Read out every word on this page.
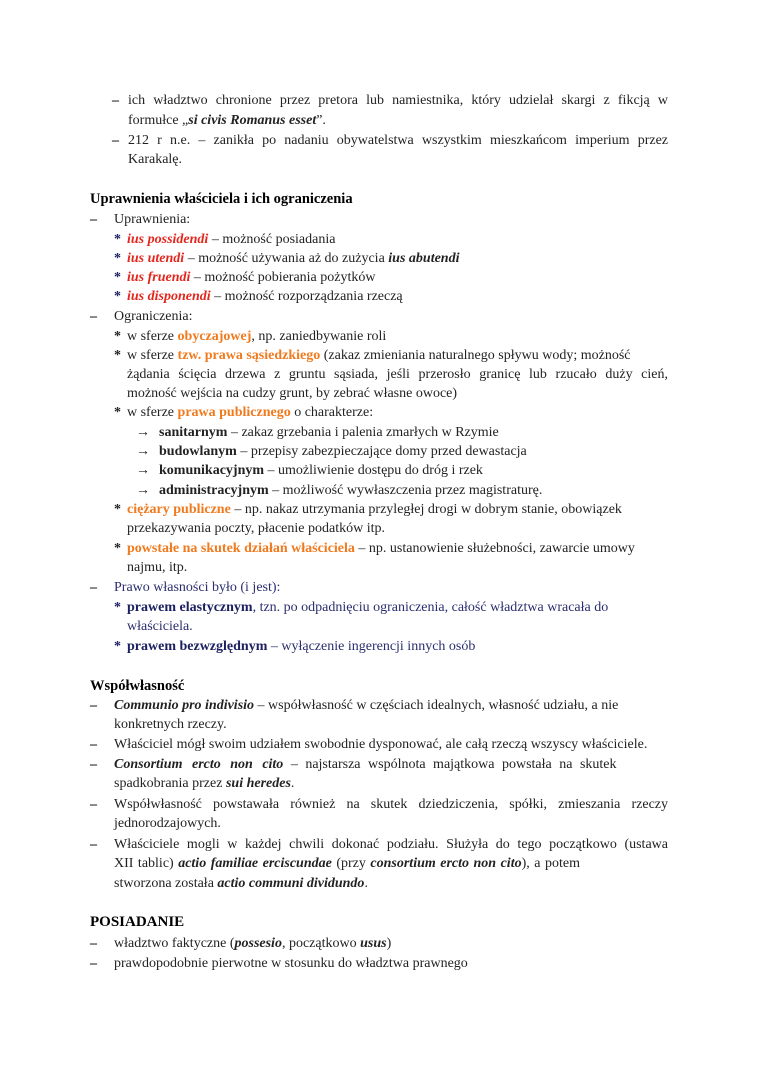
– ich władztwo chronione przez pretora lub namiestnika, który udzielał skargi z fikcją w
formułce „si civis Romanus esset”.
– 212 r n.e. – zanikła po nadaniu obywatelstwa wszystkim mieszkańcom imperium przez
Karakalę.
Uprawnienia właściciela i ich ograniczenia
– Uprawnienia:
* ius possidendi – możność posiadania
* ius utendi – możność używania aż do zużycia ius abutendi
* ius fruendi – możność pobierania pożytków
* ius disponendi – możność rozporządzania rzeczą
– Ograniczenia:
* w sferze obyczajowej, np. zaniedbywanie roli
* w sferze tzw. prawa sąsiedzkiego (zakaz zmieniania naturalnego spływu wody; możność
żądania ścięcia drzewa z gruntu sąsiada, jeśli przerosło granicę lub rzucało duży cień,
możność wejścia na cudzy grunt, by zebrać własne owoce)
* w sferze prawa publicznego o charakterze:
→ sanitarnym – zakaz grzebania i palenia zmarłych w Rzymie
→ budowlanym – przepisy zabezpieczające domy przed dewastacja
→ komunikacyjnym – umożliwienie dostępu do dróg i rzek
→ administracyjnym – możliwość wywłaszczenia przez magistraturę.
* ciężary publiczne – np. nakaz utrzymania przyległej drogi w dobrym stanie, obowiązek
przekazywania poczty, płacenie podatków itp.
* powstałe na skutek działań właściciela – np. ustanowienie służebności, zawarcie umowy
najmu, itp.
– Prawo własności było (i jest):
* prawem elastycznym, tzn. po odpadnięciu ograniczenia, całość władztwa wracała do
właściciela.
* prawem bezwzględnym – wyłączenie ingerencji innych osób
Współwłasność
– Communio pro indivisio – współwłasność w częściach idealnych, własność udziału, a nie
konkretnych rzeczy.
– Właściciel mógł swoim udziałem swobodnie dysponować, ale całą rzeczą wszyscy właściciele.
– Consortium ercto non cito – najstarsza wspólnota majątkowa powstała na skutek
spadkobrania przez sui heredes.
– Współwłasność powstawała również na skutek dziedziczenia, spółki, zmieszania rzeczy
jednorodzajowych.
– Właściciele mogli w każdej chwili dokonać podziału. Służyła do tego początkowo (ustawa
XII tablic) actio familiae erciscundae (przy consortium ercto non cito), a potem
stworzona została actio communi dividundo.
POSIADANIE
– władztwo faktyczne (possesio, początkowo usus)
– prawdopodobnie pierwotne w stosunku do władztwa prawnego
